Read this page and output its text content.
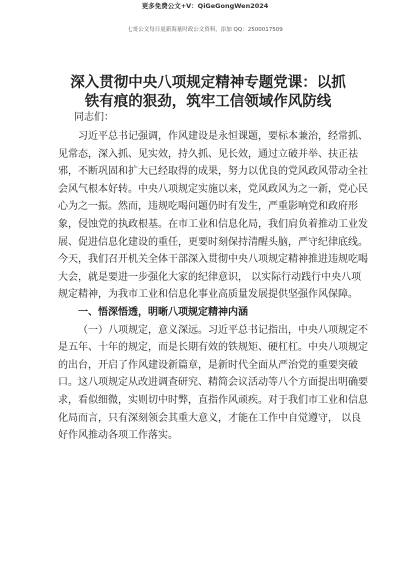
更多免费公文+V：QiGeGongWen2024
七哥公文每日更新海量时政公文资料，添加 QQ：2500017509
深入贯彻中央八项规定精神专题党课：以抓
铁有痕的狠劲，筑牢工信领域作风防线
同志们：

习近平总书记强调，作风建设是永恒课题，要标本兼治，经常抓、见常态，深入抓、见实效，持久抓、见长效，通过立破并举、扶正祛邪，不断巩固和扩大已经取得的成果，努力以优良的党风政风带动全社会风气根本好转。中央八项规定实施以来，党风政风为之一新，党心民心为之一振。然而，违规吃喝问题仍时有发生，严重影响党和政府形象，侵蚀党的执政根基。在市工业和信息化局，我们肩负着推动工业发展、促进信息化建设的重任，更要时刻保持清醒头脑，严守纪律底线。今天，我们召开机关全体干部深入贯彻中央八项规定精神推进违规吃喝大会，就是要进一步强化大家的纪律意识， 以实际行动践行中央八项规定精神，为我市工业和信息化事业高质量发展提供坚强作风保障。

一、悟深悟透，明晰八项规定精神内涵

（一）八项规定，意义深远。习近平总书记指出，中央八项规定不是五年、十年的规定，而是长期有效的铁规矩、硬杠杠。中央八项规定的出台，开启了作风建设新篇章，是新时代全面从严治党的重要突破 口。这八项规定从改进调查研究、精简会议活动等八个方面提出明确要求，看似细微，实则切中时弊，直指作风顽疾。对于我们市工业和信息化局而言，只有深刻领会其重大意义，才能在工作中自觉遵守， 以良好作风推动各项工作落实。
